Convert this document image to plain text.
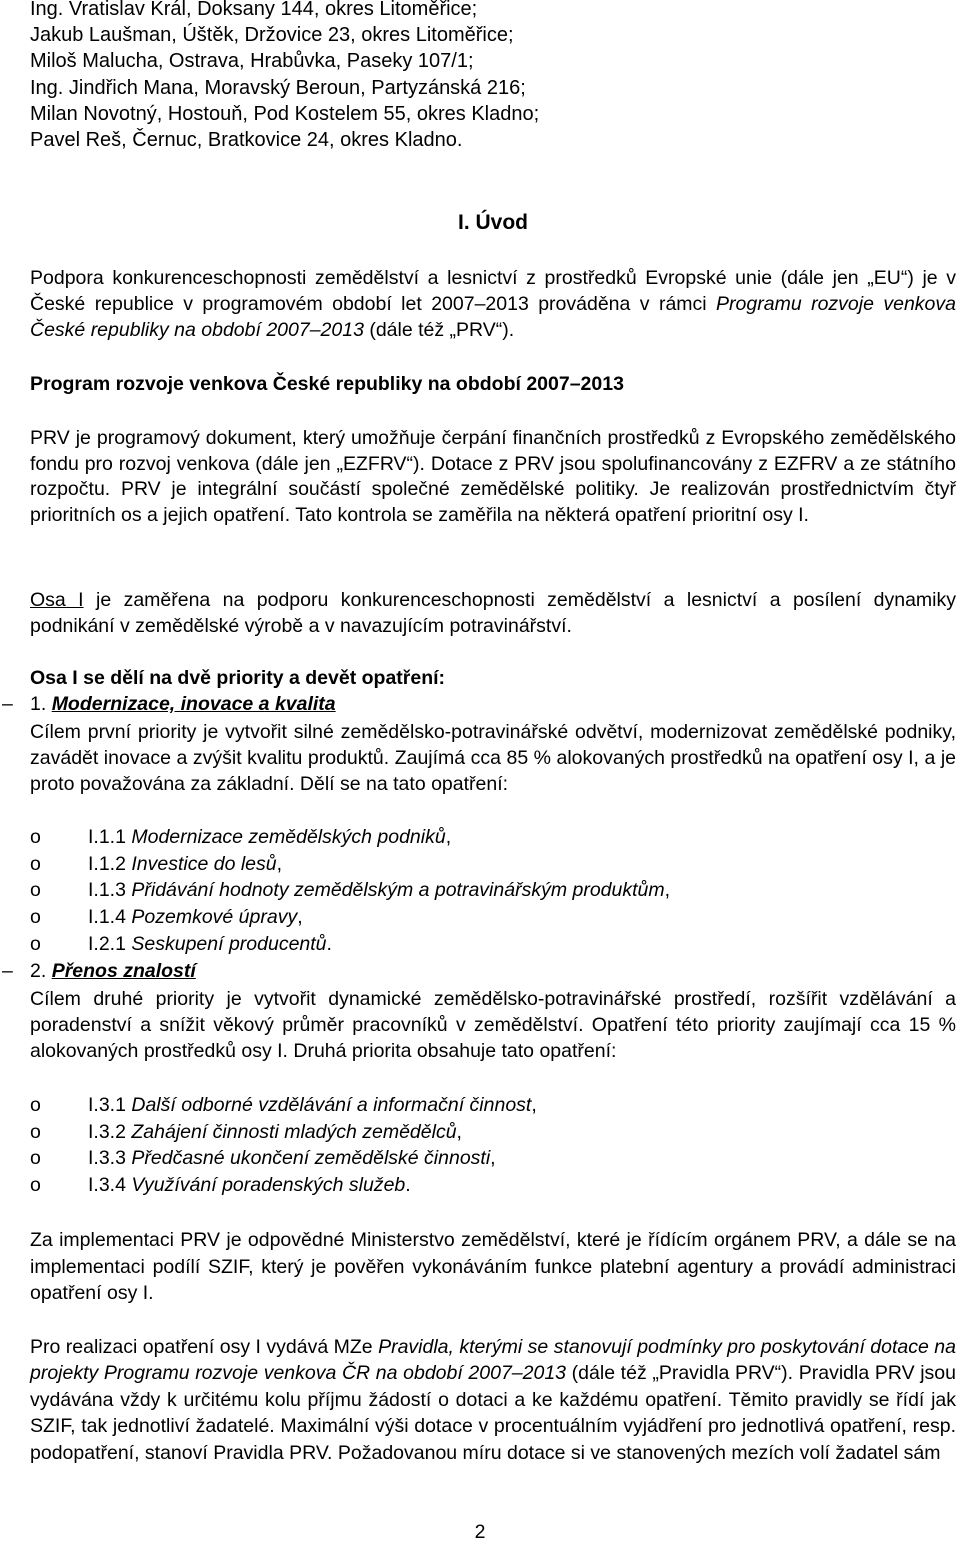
Ing. Vratislav Král, Doksany 144, okres Litoměřice;
Jakub Laušman, Úštěk, Držovice 23, okres Litoměřice;
Miloš Malucha, Ostrava, Hrabůvka, Paseky 107/1;
Ing. Jindřich Mana, Moravský Beroun, Partyzánská 216;
Milan Novotný, Hostouň, Pod Kostelem 55, okres Kladno;
Pavel Reš, Černuc, Bratkovice 24, okres Kladno.
I. Úvod

Podpora konkurenceschopnosti zemědělství a lesnictví z prostředků Evropské unie (dále jen „EU“) je v České republice v programovém období let 2007–2013 prováděna v rámci Programu rozvoje venkova České republiky na období 2007–2013 (dále též „PRV“).

Program rozvoje venkova České republiky na období 2007–2013

PRV je programový dokument, který umožňuje čerpání finančních prostředků z Evropského zemědělského fondu pro rozvoj venkova (dále jen „EZFRV“). Dotace z PRV jsou spolufinancovány z EZFRV a ze státního rozpočtu. PRV je integrální součástí společné zemědělské politiky. Je realizován prostřednictvím čtyř prioritních os a jejich opatření. Tato kontrola se zaměřila na některá opatření prioritní osy I.

Osa I je zaměřena na podporu konkurenceschopnosti zemědělství a lesnictví a posílení dynamiky podnikání v zemědělské výrobě a v navazujícím potravinářství.

Osa I se dělí na dvě priority a devět opatření:
– 1. Modernizace, inovace a kvalita

Cílem první priority je vytvořit silné zemědělsko-potravinářské odvětví, modernizovat zemědělské podniky, zavádět inovace a zvýšit kvalitu produktů. Zaujímá cca 85 % alokovaných prostředků na opatření osy I, a je proto považována za základní. Dělí se na tato opatření:

o I.1.1 Modernizace zemědělských podniků,
o I.1.2 Investice do lesů,
o I.1.3 Přidávání hodnoty zemědělským a potravinářským produktům,
o I.1.4 Pozemkové úpravy,
o I.2.1 Seskupení producentů.
– 2. Přenos znalostí

Cílem druhé priority je vytvořit dynamické zemědělsko-potravinářské prostředí, rozšířit vzdělávání a poradenství a snížit věkový průměr pracovníků v zemědělství. Opatření této priority zaujímají cca 15 % alokovaných prostředků osy I. Druhá priorita obsahuje tato opatření:

o I.3.1 Další odborné vzdělávání a informační činnost,
o I.3.2 Zahájení činnosti mladých zemědělců,
o I.3.3 Předčasné ukončení zemědělské činnosti,
o I.3.4 Využívání poradenských služeb.

Za implementaci PRV je odpovědné Ministerstvo zemědělství, které je řídícím orgánem PRV, a dále se na implementaci podílí SZIF, který je pověřen vykonáváním funkce platební agentury a provádí administraci opatření osy I.

Pro realizaci opatření osy I vydává MZe Pravidla, kterými se stanovují podmínky pro poskytování dotace na projekty Programu rozvoje venkova ČR na období 2007–2013 (dále též „Pravidla PRV“). Pravidla PRV jsou vydávána vždy k určitému kolu příjmu žádostí o dotaci a ke každému opatření. Těmito pravidly se řídí jak SZIF, tak jednotliví žadatelé. Maximální výši dotace v procentuálním vyjádření pro jednotlivá opatření, resp. podopatření, stanoví Pravidla PRV. Požadovanou míru dotace si ve stanovených mezích volí žadatel sám

2
